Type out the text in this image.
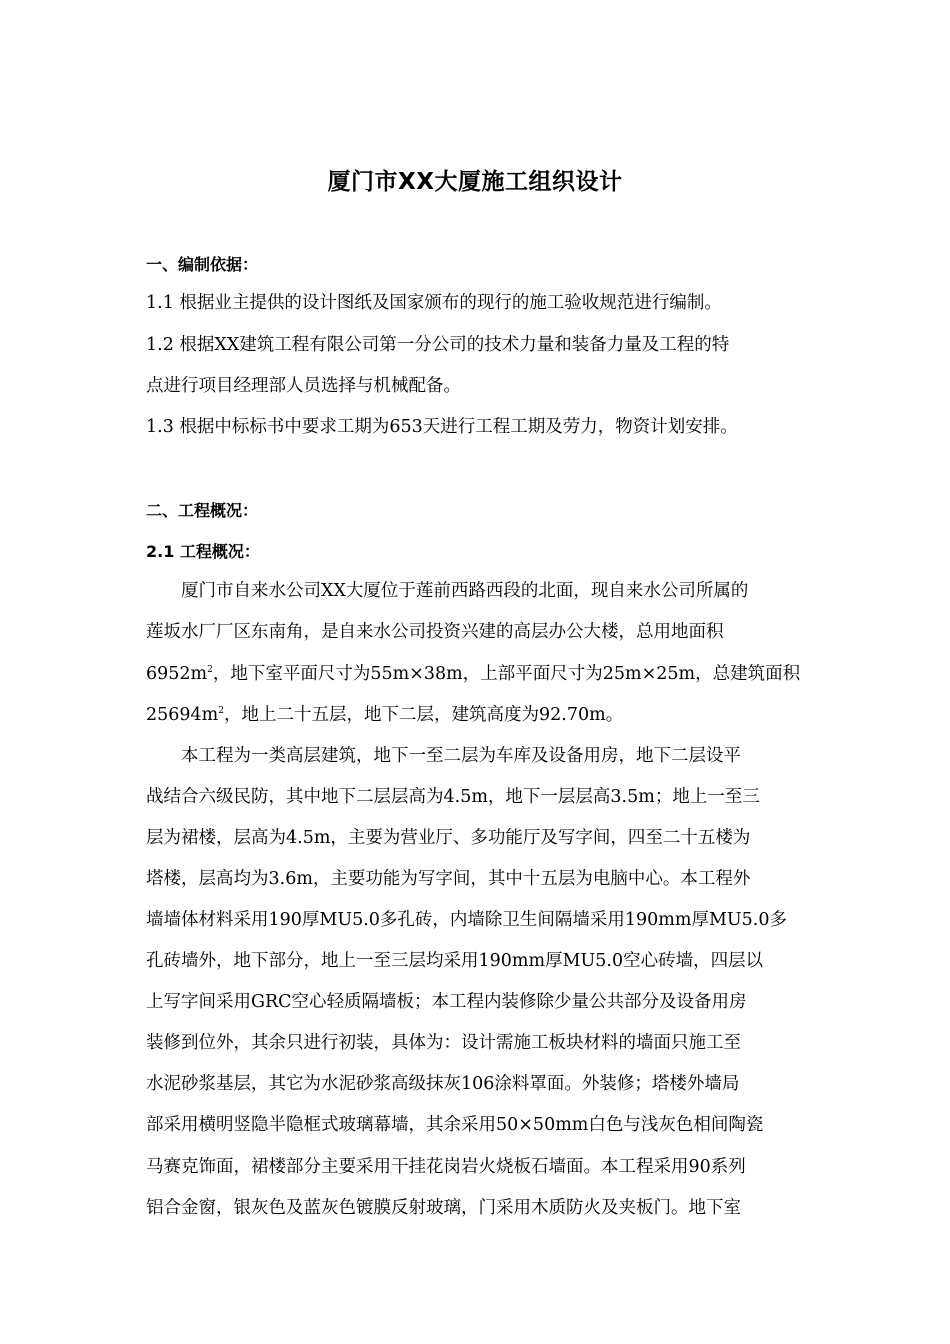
厦门市XX大厦施工组织设计
一、编制依据：
1.1 根据业主提供的设计图纸及国家颁布的现行的施工验收规范进行编制。
1.2 根据XX建筑工程有限公司第一分公司的技术力量和装备力量及工程的特
点进行项目经理部人员选择与机械配备。
1.3 根据中标标书中要求工期为653天进行工程工期及劳力，物资计划安排。
二、工程概况：
2.1 工程概况：
厦门市自来水公司XX大厦位于莲前西路西段的北面，现自来水公司所属的
莲坂水厂厂区东南角，是自来水公司投资兴建的高层办公大楼，总用地面积
$6952m^2$，地下室平面尺寸为55m×38m，上部平面尺寸为25m×25m，总建筑面积
$25694m^2$，地上二十五层，地下二层，建筑高度为92.70m。
本工程为一类高层建筑，地下一至二层为车库及设备用房，地下二层设平
战结合六级民防，其中地下二层层高为4.5m，地下一层层高3.5m；地上一至三
层为裙楼，层高为4.5m，主要为营业厅、多功能厅及写字间，四至二十五楼为
塔楼，层高均为3.6m，主要功能为写字间，其中十五层为电脑中心。本工程外
墙墙体材料采用190厚MU5.0多孔砖，内墙除卫生间隔墙采用190mm厚MU5.0多
孔砖墙外，地下部分，地上一至三层均采用190mm厚MU5.0空心砖墙，四层以
上写字间采用GRC空心轻质隔墙板；本工程内装修除少量公共部分及设备用房
装修到位外，其余只进行初装，具体为：设计需施工板块材料的墙面只施工至
水泥砂浆基层，其它为水泥砂浆高级抹灰106涂料罩面。外装修；塔楼外墙局
部采用横明竖隐半隐框式玻璃幕墙，其余采用50×50mm白色与浅灰色相间陶瓷
马赛克饰面，裙楼部分主要采用干挂花岗岩火烧板石墙面。本工程采用90系列
铝合金窗，银灰色及蓝灰色镀膜反射玻璃，门采用木质防火及夹板门。地下室
